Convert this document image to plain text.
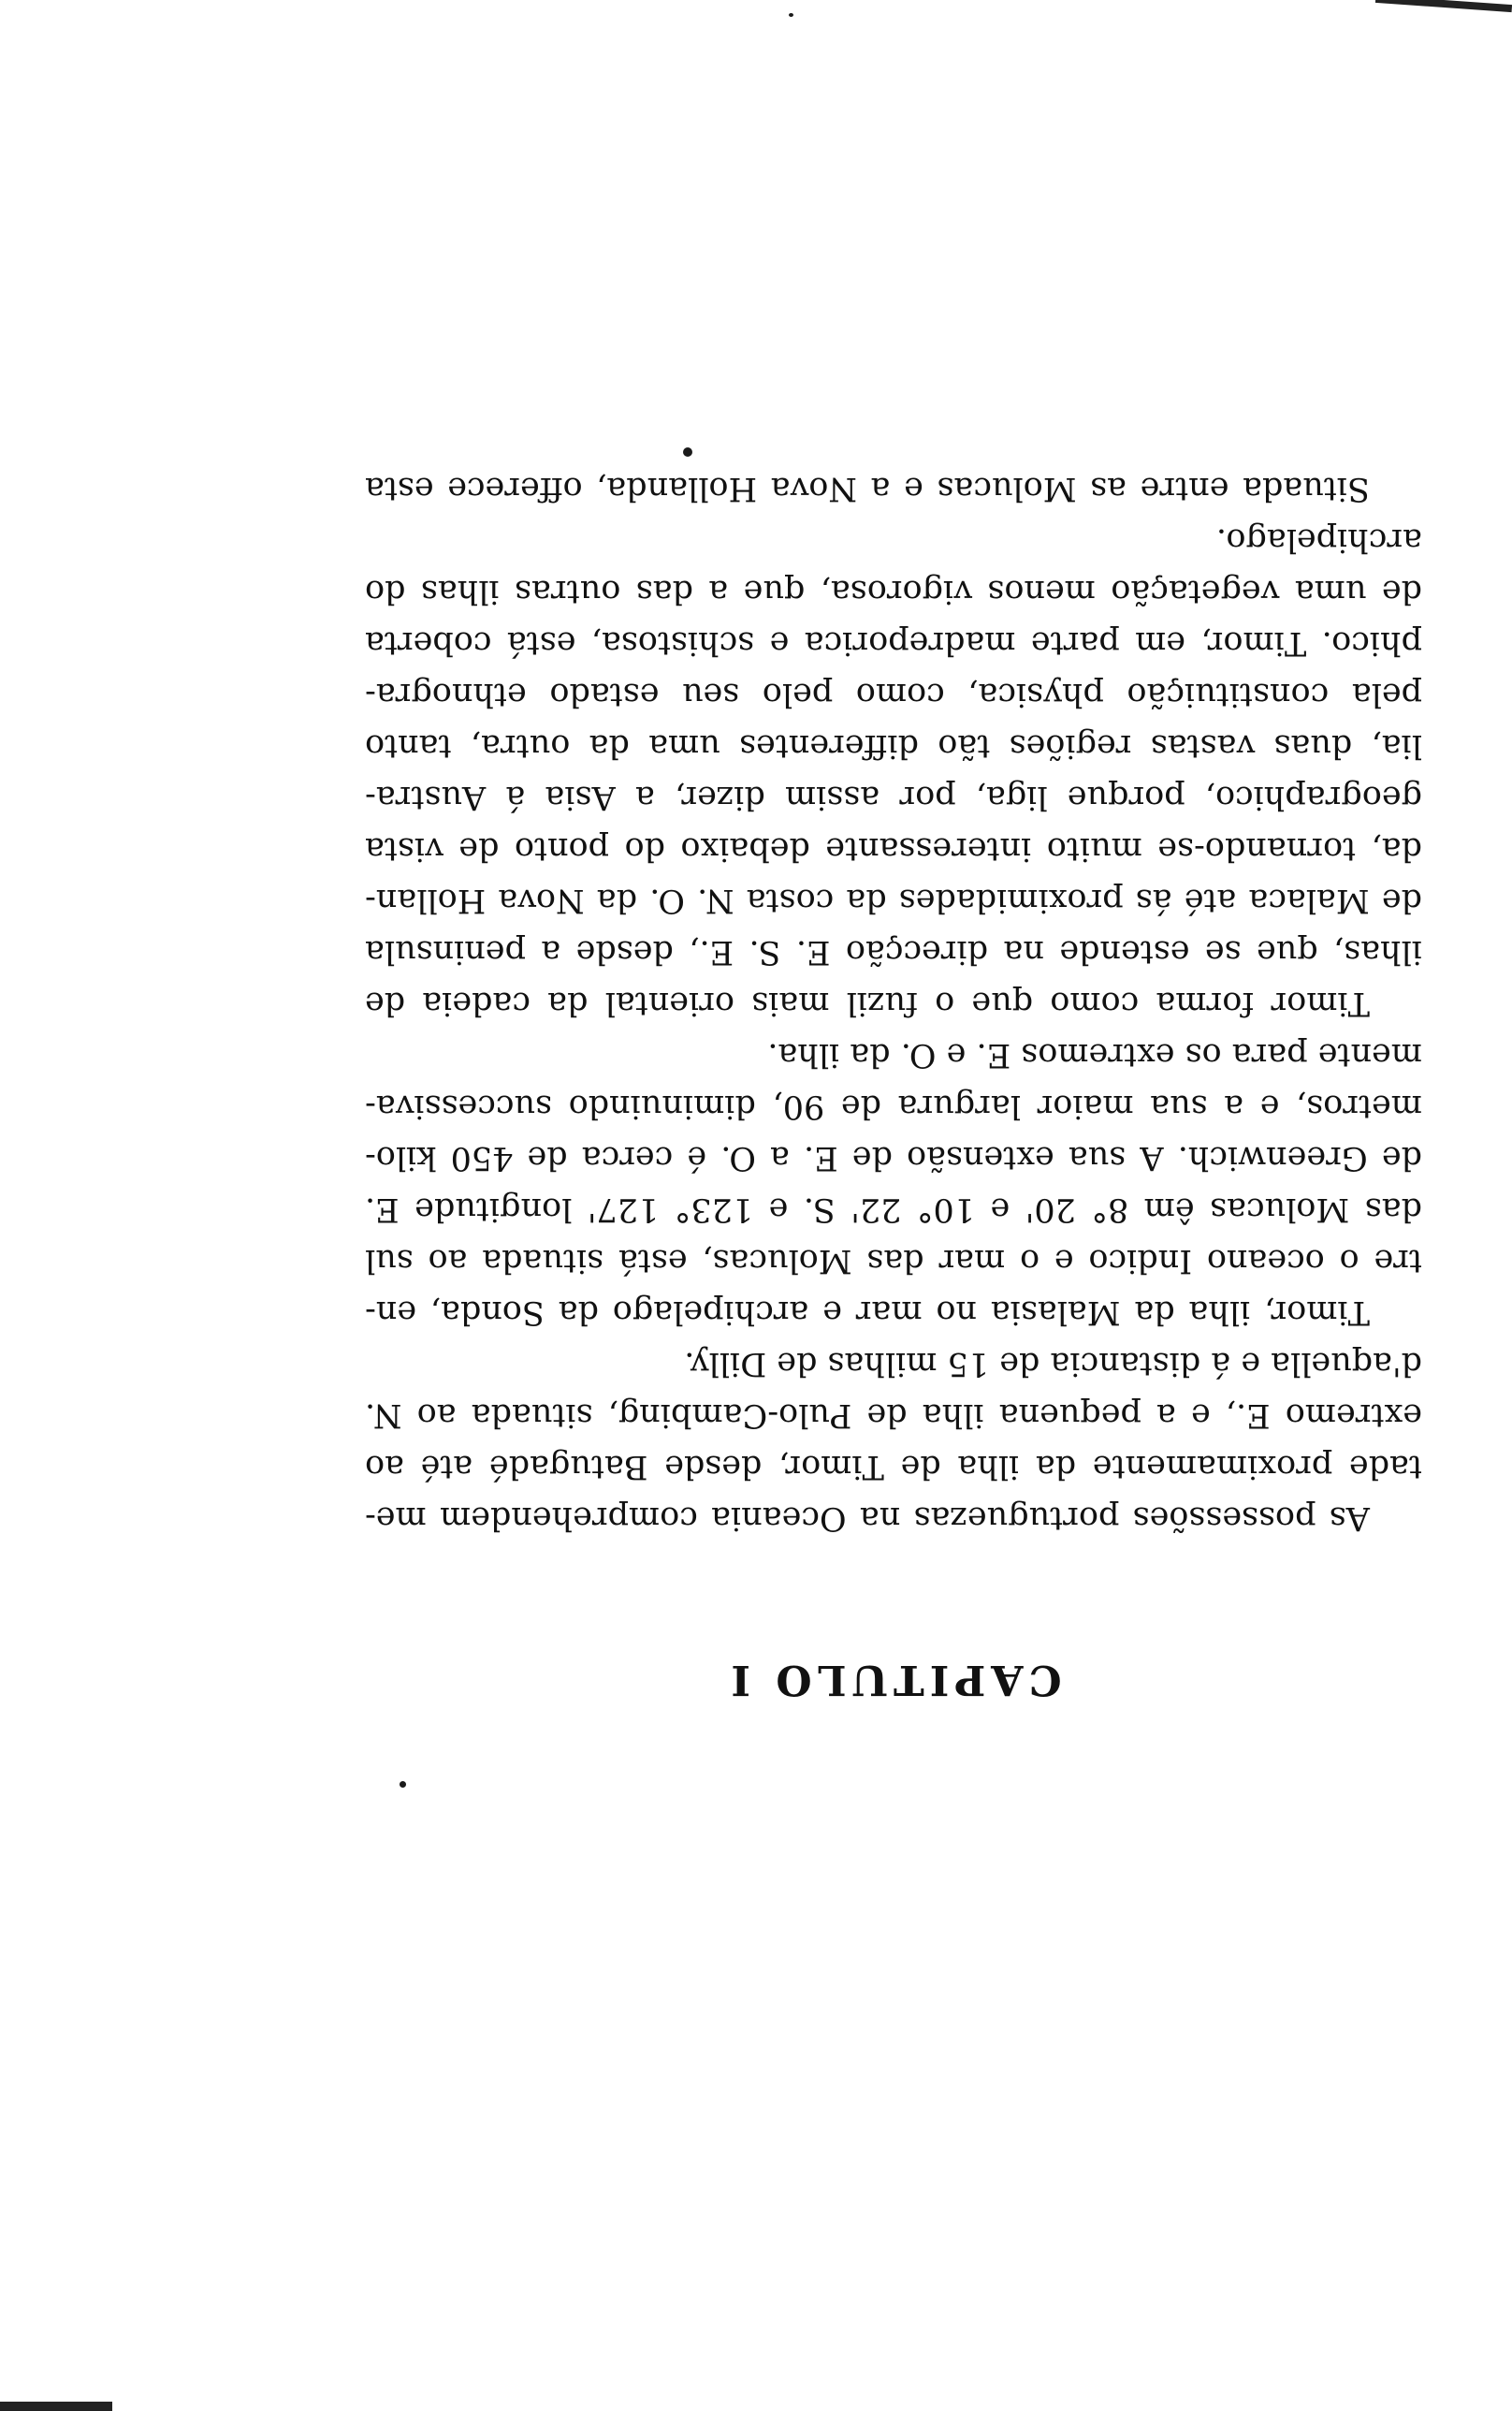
CAPITULO I
As possessões portuguezas na Oceania comprehendem me-
tade proximamente da ilha de Timor, desde Batugadé até ao
extremo E., e a pequena ilha de Pulo-Cambing, situada ao N.
d'aquella e á distancia de 15 milhas de Dilly.
Timor, ilha da Malasia no mar e archipelago da Sonda, en-
tre o oceano Indico e o mar das Molucas, está situada ao sul
das Molucas êm 8° 20' e 10° 22' S. e 123° 127' longitude E.
de Greenwich. A sua extensão de E. a O. é cerca de 450 kilo-
metros, e a sua maior largura de 90, diminuindo successiva-
mente para os extremos E. e O. da ilha.
Timor forma como que o fuzil mais oriental da cadeia de
ilhas, que se estende na direcção E. S. E., desde a peninsula
de Malaca até ás proximidades da costa N. O. da Nova Hollan-
da, tornando-se muito interessante debaixo do ponto de vista
geographico, porque liga, por assim dizer, a Asia á Austra-
lia, duas vastas regiões tão differentes uma da outra, tanto
pela constituição physica, como pelo seu estado ethnogra-
phico. Timor, em parte madreporica e schistosa, está coberta
de uma vegetação menos vigorosa, que a das outras ilhas do
archipelago.
Situada entre as Molucas e a Nova Hollanda, offerece esta
